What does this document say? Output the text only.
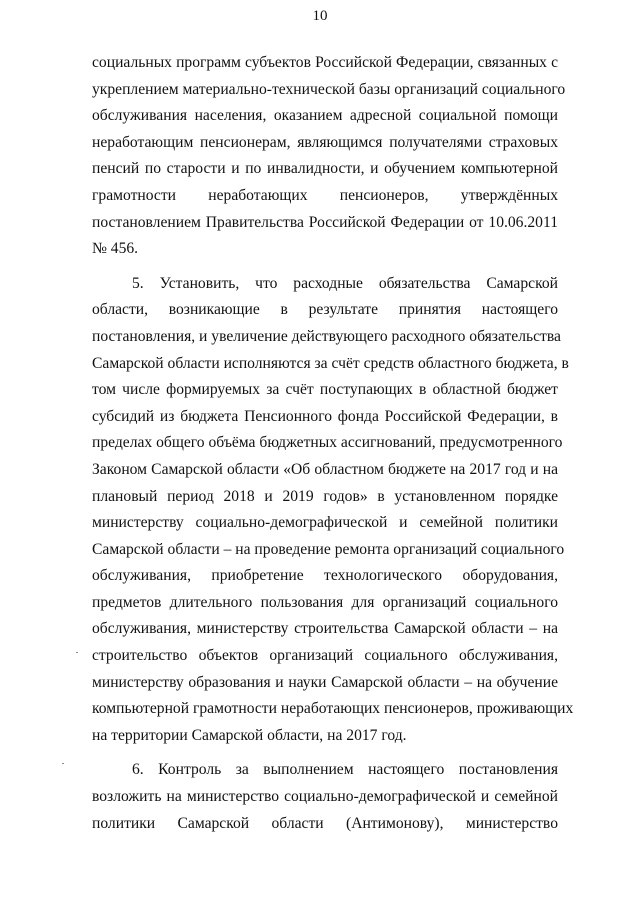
10
социальных программ субъектов Российской Федерации, связанных с
укреплением материально-технической базы организаций социального
обслуживания населения, оказанием адресной социальной помощи
неработающим пенсионерам, являющимся получателями страховых
пенсий по старости и по инвалидности, и обучением компьютерной
грамотности неработающих пенсионеров, утверждённых
постановлением Правительства Российской Федерации от 10.06.2011
№ 456.
5. Установить, что расходные обязательства Самарской
области, возникающие в результате принятия настоящего
постановления, и увеличение действующего расходного обязательства
Самарской области исполняются за счёт средств областного бюджета, в
том числе формируемых за счёт поступающих в областной бюджет
субсидий из бюджета Пенсионного фонда Российской Федерации, в
пределах общего объёма бюджетных ассигнований, предусмотренного
Законом Самарской области «Об областном бюджете на 2017 год и на
плановый период 2018 и 2019 годов» в установленном порядке
министерству социально-демографической и семейной политики
Самарской области – на проведение ремонта организаций социального
обслуживания, приобретение технологического оборудования,
предметов длительного пользования для организаций социального
обслуживания, министерству строительства Самарской области – на
строительство объектов организаций социального обслуживания,
министерству образования и науки Самарской области – на обучение
компьютерной грамотности неработающих пенсионеров, проживающих
на территории Самарской области, на 2017 год.
6. Контроль за выполнением настоящего постановления
возложить на министерство социально-демографической и семейной
политики Самарской области (Антимонову), министерство
